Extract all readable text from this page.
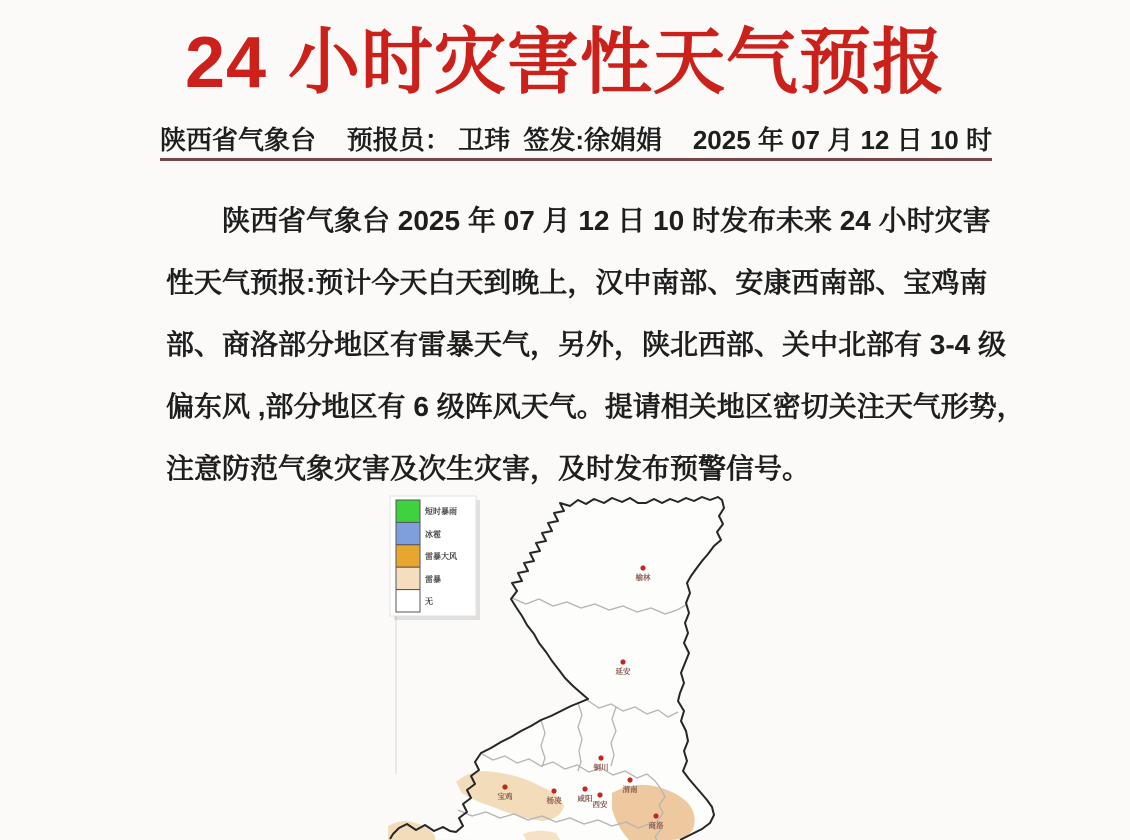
24 小时灾害性天气预报
陕西省气象台 预报员： 卫玮 签发: 徐娟娟 2025 年 07 月 12 日 10 时
陕西省气象台 2025 年 07 月 12 日 10 时发布未来 24 小时灾害
性天气预报:预计今天白天到晚上，汉中南部、安康西南部、宝鸡南
部、商洛部分地区有雷暴天气，另外，陕北西部、关中北部有 3-4 级
偏东风 ,部分地区有 6 级阵风天气。提请相关地区密切关注天气形势，
注意防范气象灾害及次生灾害，及时发布预警信号。
短时暴雨
冰雹
雷暴大风
雷暴
无
榆林
延安
铜川
渭南
宝鸡	杨凌 咸阳
西安
商洛
